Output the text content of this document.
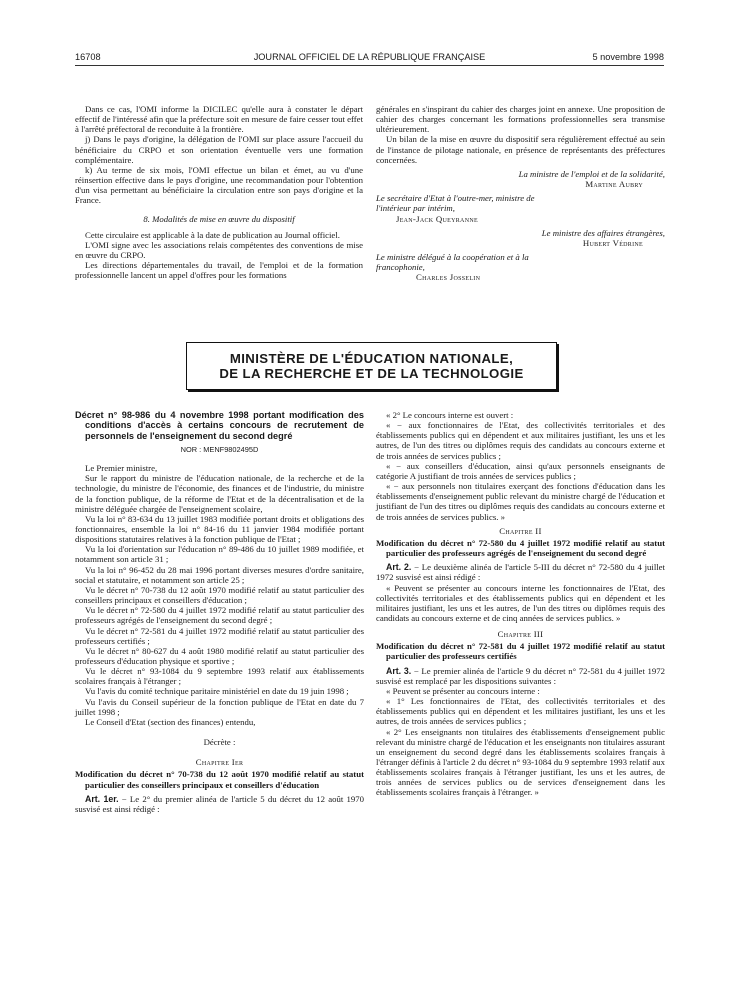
16708	JOURNAL OFFICIEL DE LA RÉPUBLIQUE FRANÇAISE	5 novembre 1998

Dans ce cas, l'OMI informe la DICILEC qu'elle aura à constater le départ effectif de l'intéressé afin que la préfecture soit en mesure de faire cesser tout effet à l'arrêté préfectoral de reconduite à la frontière.

j) Dans le pays d'origine, la délégation de l'OMI sur place assure l'accueil du bénéficiaire du CRPO et son orientation éventuelle vers une formation complémentaire.

k) Au terme de six mois, l'OMI effectue un bilan et émet, au vu d'une réinsertion effective dans le pays d'origine, une recommandation pour l'obtention d'un visa permettant au bénéficiaire la circulation entre son pays d'origine et la France.

8. Modalités de mise en œuvre du dispositif

Cette circulaire est applicable à la date de publication au Journal officiel.

L'OMI signe avec les associations relais compétentes des conventions de mise en œuvre du CRPO.

Les directions départementales du travail, de l'emploi et de la formation professionnelle lancent un appel d'offres pour les formations

générales en s'inspirant du cahier des charges joint en annexe. Une proposition de cahier des charges concernant les formations professionnelles sera transmise ultérieurement.

Un bilan de la mise en œuvre du dispositif sera régulièrement effectué au sein de l'instance de pilotage nationale, en présence de représentants des préfectures concernées.

La ministre de l'emploi et de la solidarité,

Martine Aubry

Le secrétaire d'Etat à l'outre-mer, ministre de l'intérieur par intérim,

Jean-Jack Queyranne

Le ministre des affaires étrangères,

Hubert Védrine

Le ministre délégué à la coopération et à la francophonie,

Charles Josselin

MINISTÈRE DE L'ÉDUCATION NATIONALE,
DE LA RECHERCHE ET DE LA TECHNOLOGIE
Décret n° 98-986 du 4 novembre 1998 portant modification des conditions d'accès à certains concours de recrutement de personnels de l'enseignement du second degré
NOR : MENF9802495D

Le Premier ministre,

Sur le rapport du ministre de l'éducation nationale, de la recherche et de la technologie, du ministre de l'économie, des finances et de l'industrie, du ministre de la fonction publique, de la réforme de l'Etat et de la décentralisation et de la ministre déléguée chargée de l'enseignement scolaire,

Vu la loi n° 83-634 du 13 juillet 1983 modifiée portant droits et obligations des fonctionnaires, ensemble la loi n° 84-16 du 11 janvier 1984 modifiée portant dispositions statutaires relatives à la fonction publique de l'Etat ;

Vu la loi d'orientation sur l'éducation n° 89-486 du 10 juillet 1989 modifiée, et notamment son article 31 ;

Vu la loi n° 96-452 du 28 mai 1996 portant diverses mesures d'ordre sanitaire, social et statutaire, et notamment son article 25 ;

Vu le décret n° 70-738 du 12 août 1970 modifié relatif au statut particulier des conseillers principaux et conseillers d'éducation ;

Vu le décret n° 72-580 du 4 juillet 1972 modifié relatif au statut particulier des professeurs agrégés de l'enseignement du second degré ;

Vu le décret n° 72-581 du 4 juillet 1972 modifié relatif au statut particulier des professeurs certifiés ;

Vu le décret n° 80-627 du 4 août 1980 modifié relatif au statut particulier des professeurs d'éducation physique et sportive ;

Vu le décret n° 93-1084 du 9 septembre 1993 relatif aux établissements scolaires français à l'étranger ;

Vu l'avis du comité technique paritaire ministériel en date du 19 juin 1998 ;

Vu l'avis du Conseil supérieur de la fonction publique de l'Etat en date du 7 juillet 1998 ;

Le Conseil d'Etat (section des finances) entendu,

Décrète :

Chapitre Ier

Modification du décret n° 70-738 du 12 août 1970 modifié relatif au statut particulier des conseillers principaux et conseillers d'éducation

Art. 1er. − Le 2° du premier alinéa de l'article 5 du décret du 12 août 1970 susvisé est ainsi rédigé :

« 2° Le concours interne est ouvert :

« − aux fonctionnaires de l'Etat, des collectivités territoriales et des établissements publics qui en dépendent et aux militaires justifiant, les uns et les autres, de l'un des titres ou diplômes requis des candidats au concours externe et de trois années de services publics ;

« − aux conseillers d'éducation, ainsi qu'aux personnels enseignants de catégorie A justifiant de trois années de services publics ;

« − aux personnels non titulaires exerçant des fonctions d'éducation dans les établissements d'enseignement public relevant du ministre chargé de l'éducation et justifiant de l'un des titres ou diplômes requis des candidats au concours externe et de trois années de services publics. »

Chapitre II

Modification du décret n° 72-580 du 4 juillet 1972 modifié relatif au statut particulier des professeurs agrégés de l'enseignement du second degré

Art. 2. − Le deuxième alinéa de l'article 5-III du décret n° 72-580 du 4 juillet 1972 susvisé est ainsi rédigé :

« Peuvent se présenter au concours interne les fonctionnaires de l'Etat, des collectivités territoriales et des établissements publics qui en dépendent et les militaires justifiant, les uns et les autres, de l'un des titres ou diplômes requis des candidats au concours externe et de cinq années de services publics. »

Chapitre III

Modification du décret n° 72-581 du 4 juillet 1972 modifié relatif au statut particulier des professeurs certifiés

Art. 3. − Le premier alinéa de l'article 9 du décret n° 72-581 du 4 juillet 1972 susvisé est remplacé par les dispositions suivantes :

« Peuvent se présenter au concours interne :

« 1° Les fonctionnaires de l'Etat, des collectivités territoriales et des établissements publics qui en dépendent et les militaires justifiant, les uns et les autres, de trois années de services publics ;

« 2° Les enseignants non titulaires des établissements d'enseignement public relevant du ministre chargé de l'éducation et les enseignants non titulaires assurant un enseignement du second degré dans les établissements scolaires français à l'étranger définis à l'article 2 du décret n° 93-1084 du 9 septembre 1993 relatif aux établissements scolaires français à l'étranger justifiant, les uns et les autres, de trois années de services publics ou de services d'enseignement dans les établissements scolaires français à l'étranger. »
